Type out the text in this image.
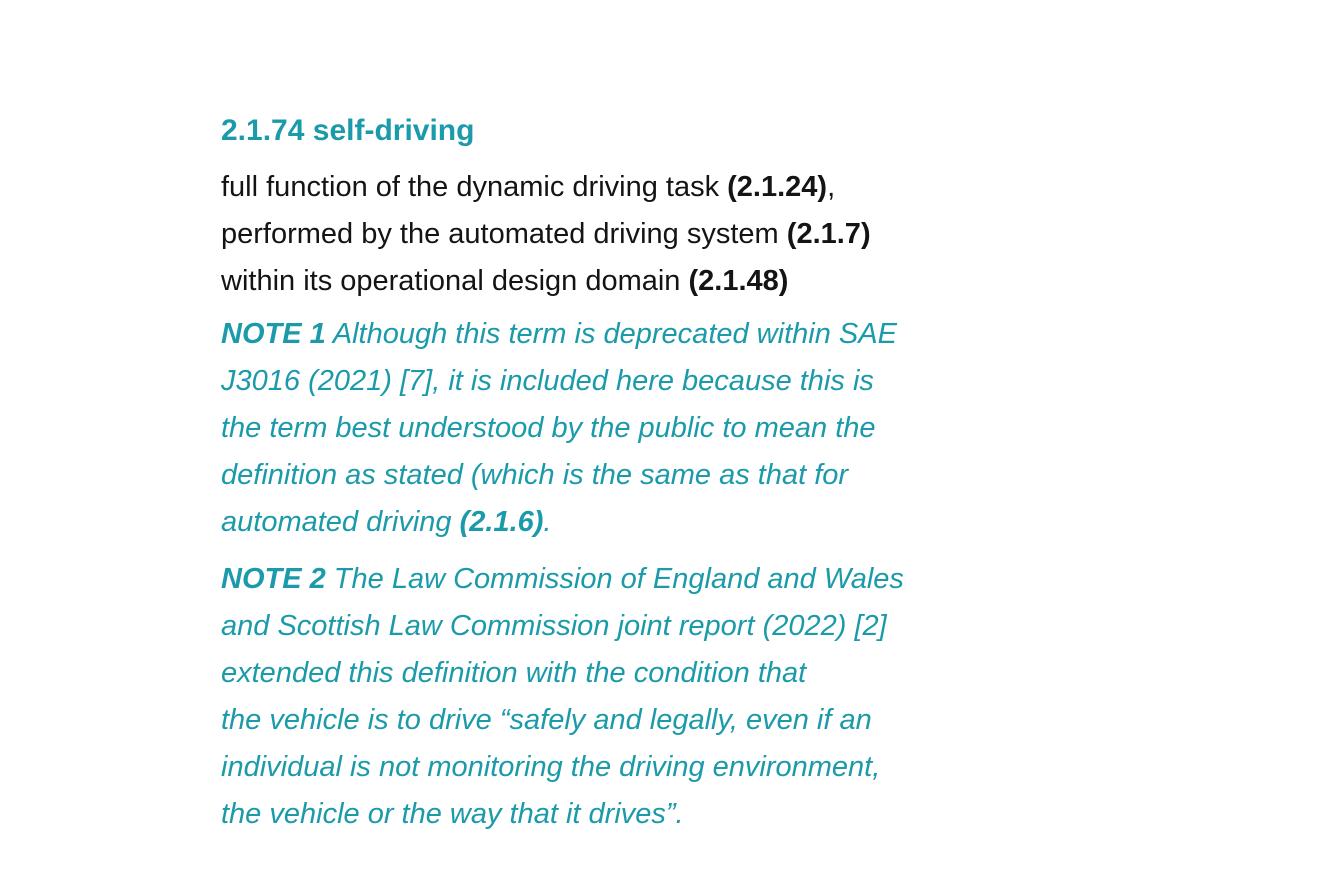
2.1.74 self-driving
full function of the dynamic driving task (2.1.24),
performed by the automated driving system (2.1.7)
within its operational design domain (2.1.48)
NOTE 1 Although this term is deprecated within SAE
J3016 (2021) [7], it is included here because this is
the term best understood by the public to mean the
definition as stated (which is the same as that for
automated driving (2.1.6).
NOTE 2 The Law Commission of England and Wales
and Scottish Law Commission joint report (2022) [2]
extended this definition with the condition that
the vehicle is to drive “safely and legally, even if an
individual is not monitoring the driving environment,
the vehicle or the way that it drives”.
